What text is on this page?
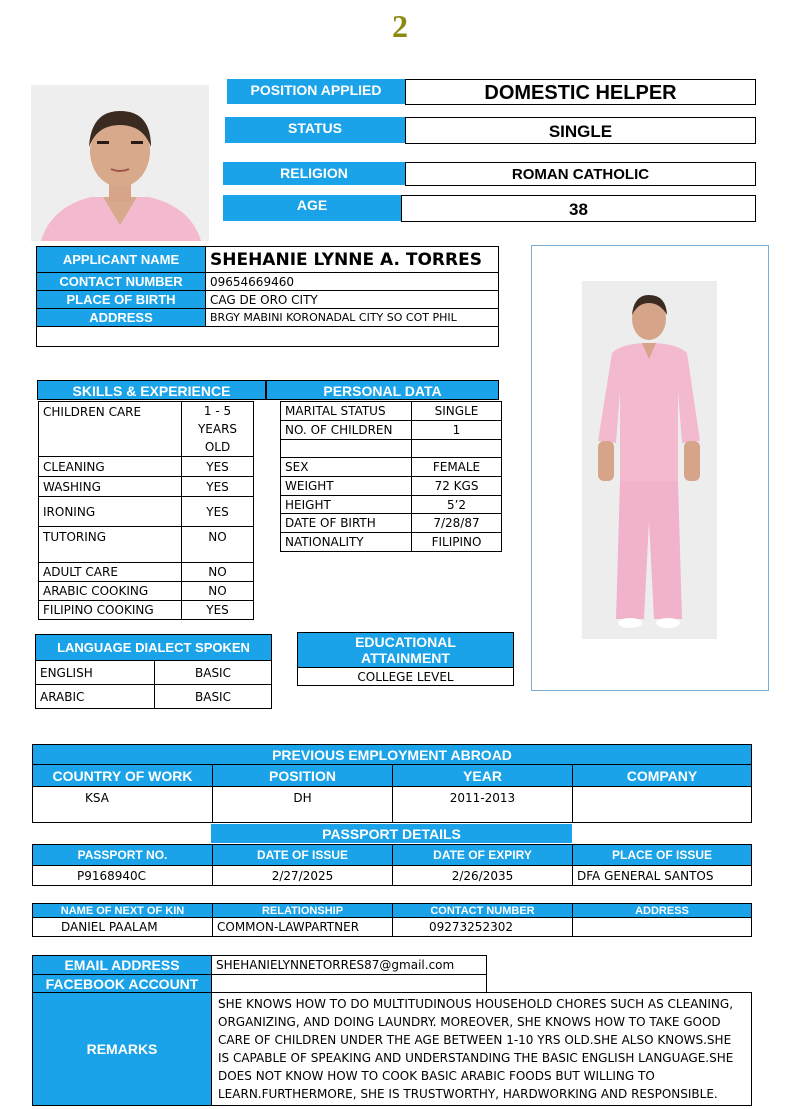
2
POSITION APPLIED	DOMESTIC HELPER
STATUS	SINGLE
RELIGION	ROMAN CATHOLIC
AGE	38
APPLICANT NAME	SHEHANIE LYNNE A. TORRES
CONTACT NUMBER	09654669460
PLACE OF BIRTH	CAG DE ORO CITY
ADDRESS	BRGY MABINI KORONADAL CITY SO COT PHIL

SKILLS & EXPERIENCE	PERSONAL DATA
CHILDREN CARE	1 - 5 YEARS OLD
CLEANING	YES
WASHING	YES
IRONING	YES
TUTORING	NO
ADULT CARE	NO
ARABIC COOKING	NO
FILIPINO COOKING	YES
MARITAL STATUS	SINGLE
NO. OF CHILDREN	1

SEX	FEMALE
WEIGHT	72 KGS
HEIGHT	5’2
DATE OF BIRTH	7/28/87
NATIONALITY	FILIPINO
LANGUAGE DIALECT SPOKEN	
ENGLISH	BASIC
ARABIC	BASIC
EDUCATIONAL ATTAINMENT
COLLEGE LEVEL
PREVIOUS EMPLOYMENT ABROAD			
COUNTRY OF WORK	POSITION	YEAR	COMPANY
KSA	DH	2011-2013	
PASSPORT DETAILS
PASSPORT NO.	DATE OF ISSUE	DATE OF EXPIRY	PLACE OF ISSUE
P9168940C	2/27/2025	2/26/2035	DFA GENERAL SANTOS
NAME OF NEXT OF KIN	RELATIONSHIP	CONTACT NUMBER	ADDRESS
DANIEL PAALAM	COMMON-LAWPARTNER	09273252302	
EMAIL ADDRESS	SHEHANIELYNNETORRES87@gmail.com
FACEBOOK ACCOUNT	
REMARKS	SHE KNOWS HOW TO DO MULTITUDINOUS HOUSEHOLD CHORES SUCH AS CLEANING, ORGANIZING, AND DOING LAUNDRY. MOREOVER, SHE KNOWS HOW TO TAKE GOOD CARE OF CHILDREN UNDER THE AGE BETWEEN 1-10 YRS OLD.SHE ALSO KNOWS.SHE IS CAPABLE OF SPEAKING AND UNDERSTANDING THE BASIC ENGLISH LANGUAGE.SHE DOES NOT KNOW HOW TO COOK BASIC ARABIC FOODS BUT WILLING TO LEARN.FURTHERMORE, SHE IS TRUSTWORTHY, HARDWORKING AND RESPONSIBLE.
